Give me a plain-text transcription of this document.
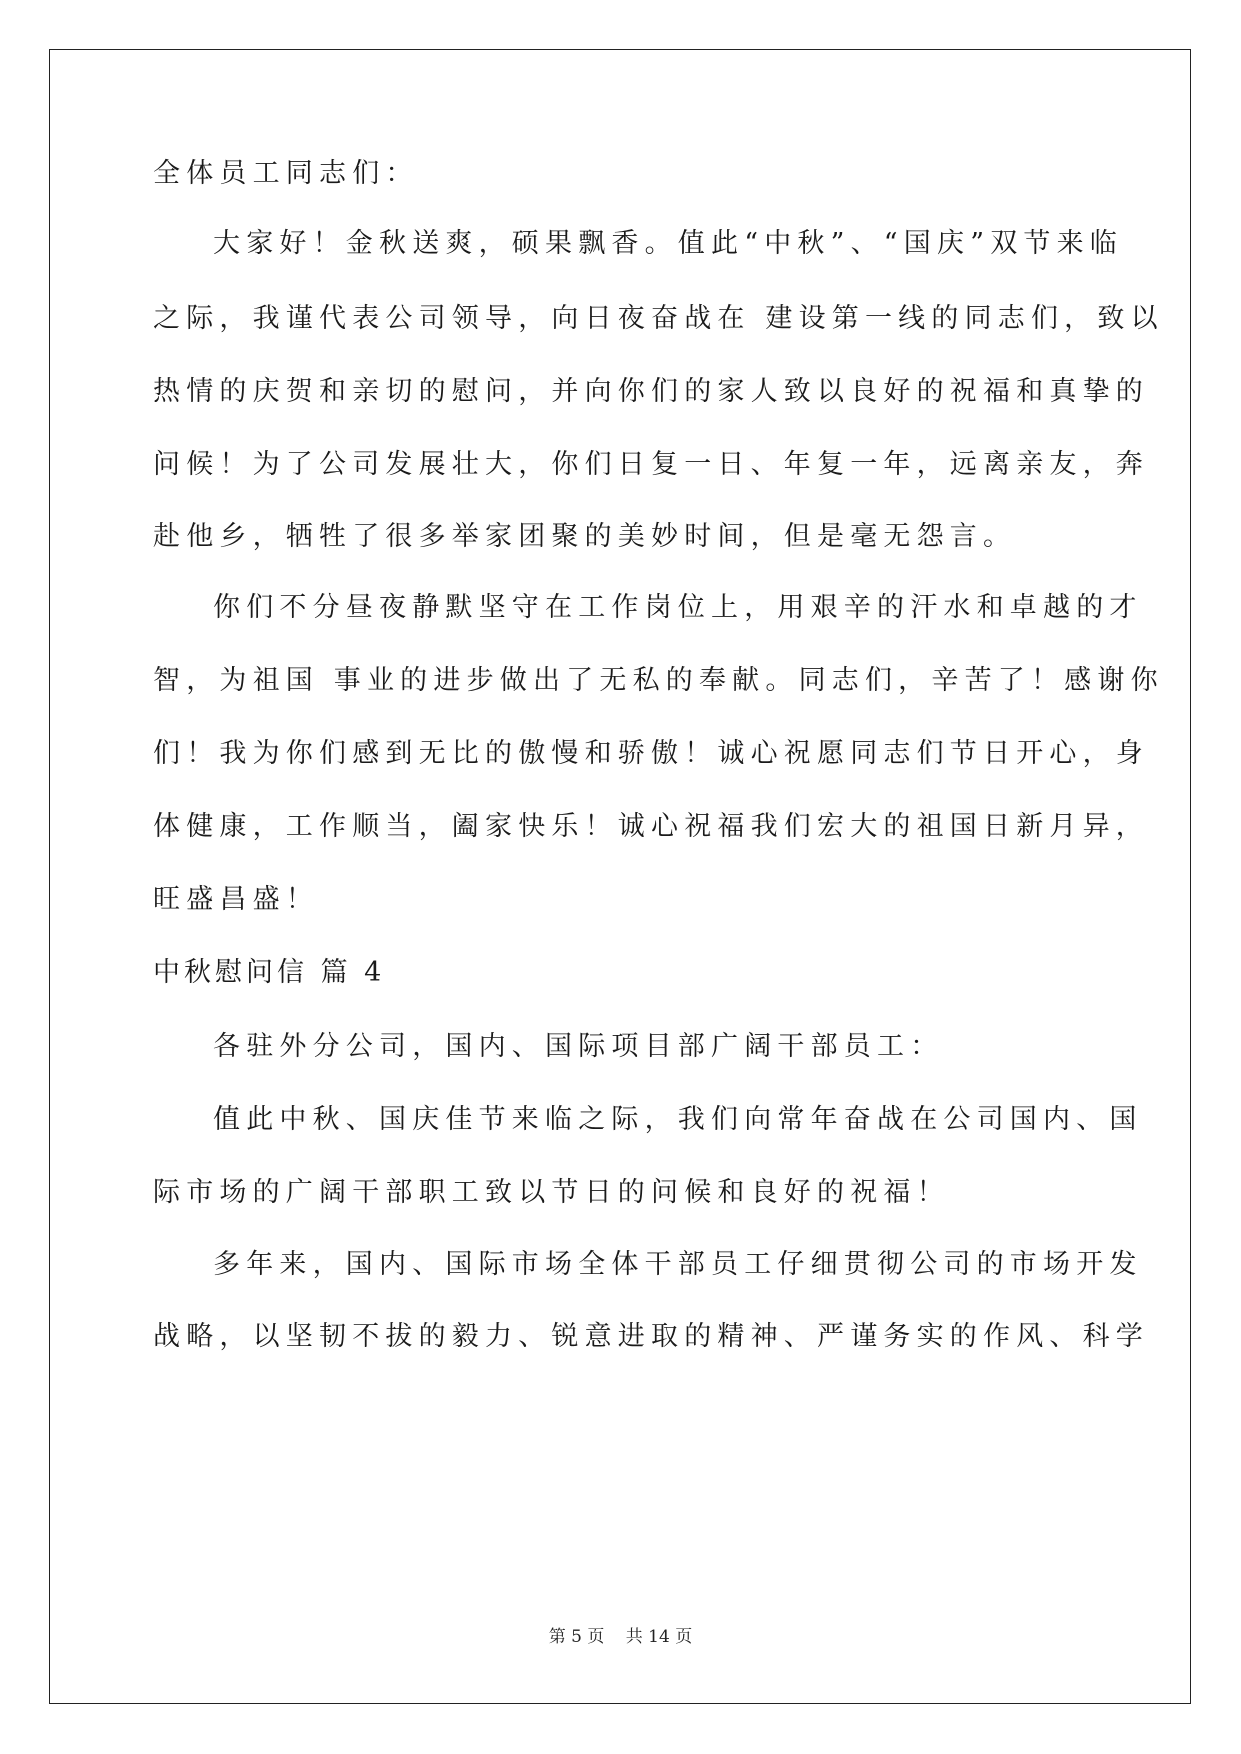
全体员工同志们：
大家好！金秋送爽，硕果飘香。值此“中秋”、“国庆”双节来临
之际，我谨代表公司领导，向日夜奋战在 建设第一线的同志们，致以
热情的庆贺和亲切的慰问，并向你们的家人致以良好的祝福和真挚的
问候！为了公司发展壮大，你们日复一日、年复一年，远离亲友，奔
赴他乡，牺牲了很多举家团聚的美妙时间，但是毫无怨言。
你们不分昼夜静默坚守在工作岗位上，用艰辛的汗水和卓越的才
智，为祖国 事业的进步做出了无私的奉献。同志们，辛苦了！感谢你
们！我为你们感到无比的傲慢和骄傲！诚心祝愿同志们节日开心，身
体健康，工作顺当，阖家快乐！诚心祝福我们宏大的祖国日新月异，
旺盛昌盛！
中秋慰问信 篇 4
各驻外分公司，国内、国际项目部广阔干部员工：
值此中秋、国庆佳节来临之际，我们向常年奋战在公司国内、国
际市场的广阔干部职工致以节日的问候和良好的祝福！
多年来，国内、国际市场全体干部员工仔细贯彻公司的市场开发
战略，以坚韧不拔的毅力、锐意进取的精神、严谨务实的作风、科学
第 5 页 共 14 页
